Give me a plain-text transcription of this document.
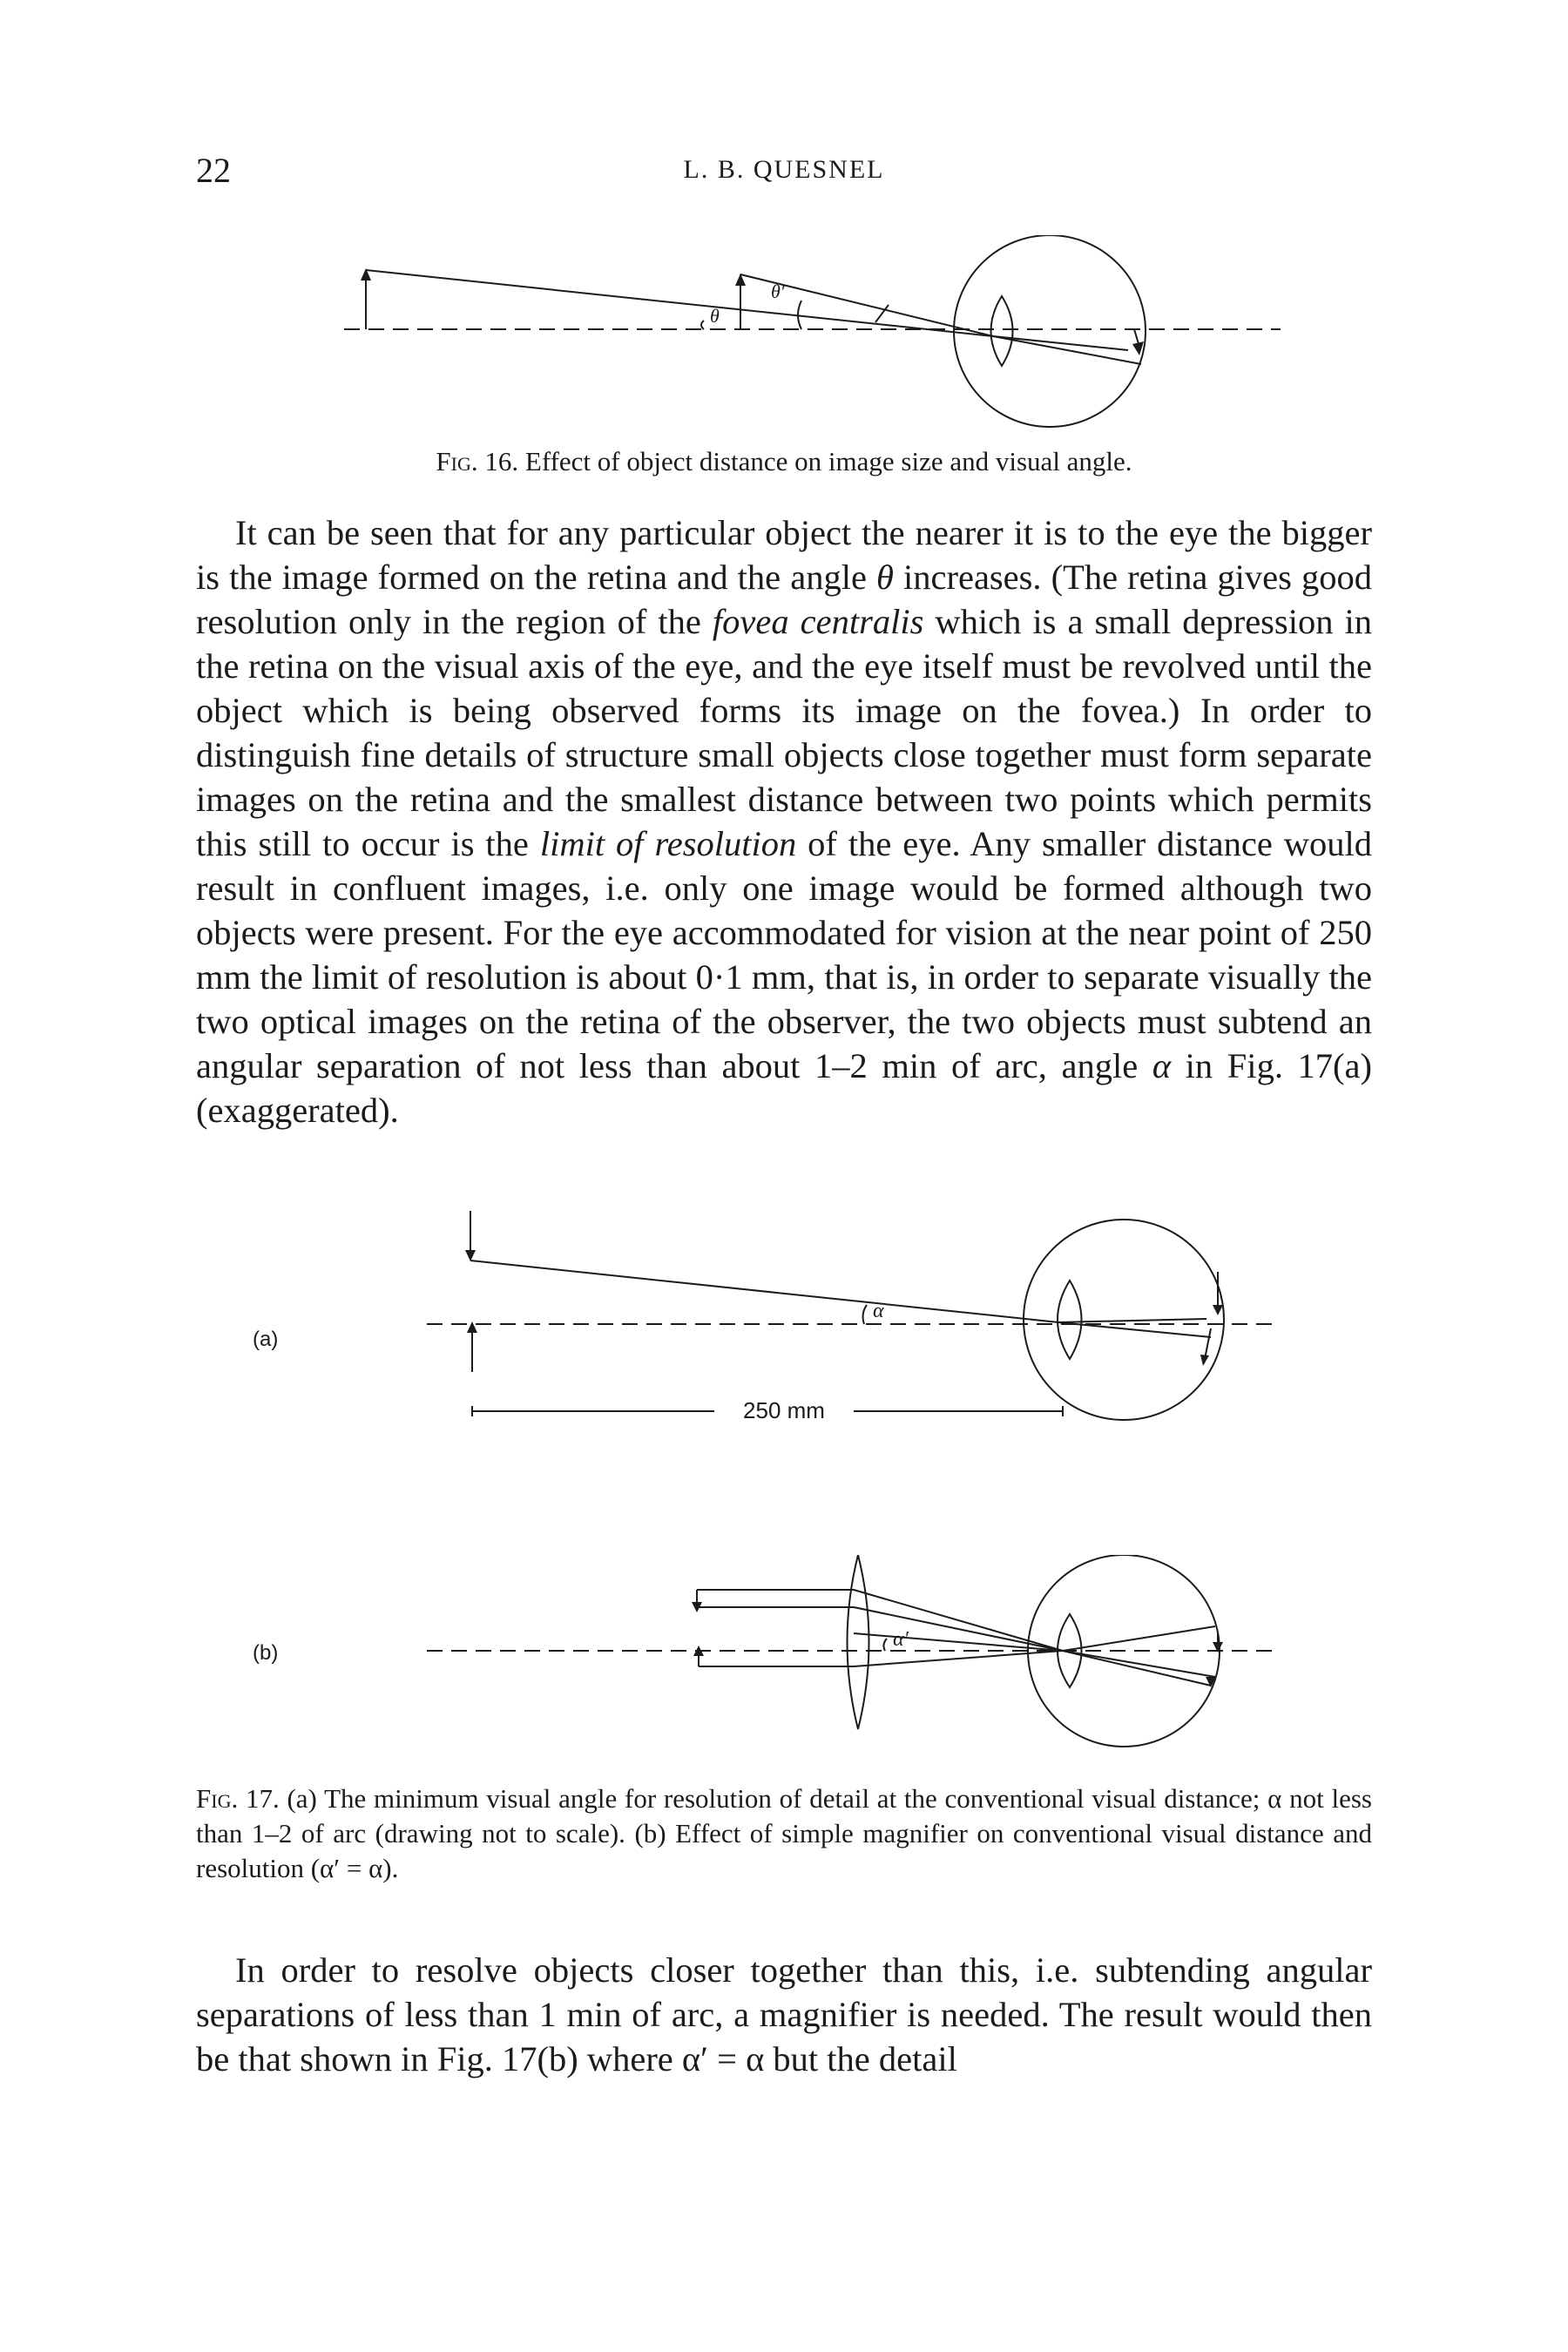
22	L. B. QUESNEL
θ
θ′
Fig. 16. Effect of object distance on image size and visual angle.

It can be seen that for any particular object the nearer it is to the eye the bigger is the image formed on the retina and the angle θ increases. (The retina gives good resolution only in the region of the fovea centralis which is a small depression in the retina on the visual axis of the eye, and the eye itself must be revolved until the object which is being observed forms its image on the fovea.) In order to distinguish fine details of structure small objects close together must form separate images on the retina and the smallest distance between two points which permits this still to occur is the limit of resolution of the eye. Any smaller distance would result in confluent images, i.e. only one image would be formed although two objects were present. For the eye accommodated for vision at the near point of 250 mm the limit of resolution is about 0·1 mm, that is, in order to separate visually the two optical images on the retina of the observer, the two objects must subtend an angular separation of not less than about 1–2 min of arc, angle α in Fig. 17(a) (exaggerated).

(a)
α
250 mm
(b)
α′

Fig. 17. (a) The minimum visual angle for resolution of detail at the conventional visual distance; α not less than 1–2 of arc (drawing not to scale). (b) Effect of simple magnifier on conventional visual distance and resolution (α′ = α).

In order to resolve objects closer together than this, i.e. subtending angular separations of less than 1 min of arc, a magnifier is needed. The result would then be that shown in Fig. 17(b) where α′ = α but the detail
